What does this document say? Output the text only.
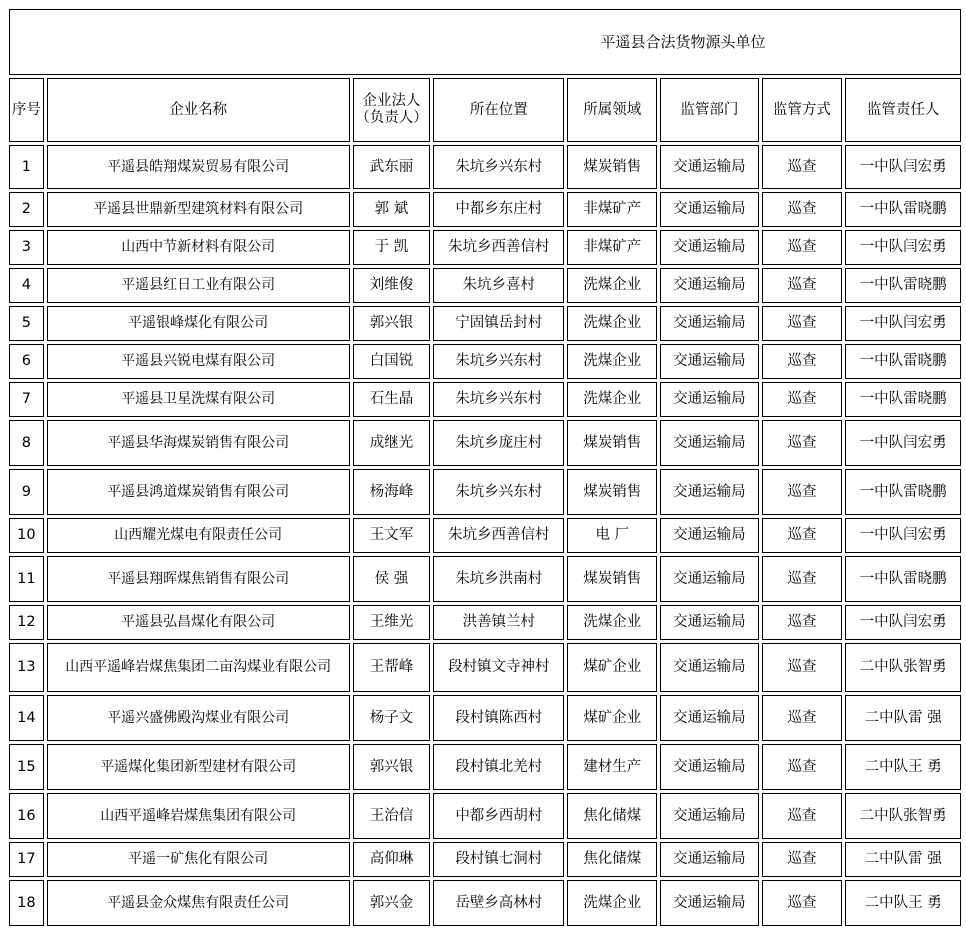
平遥县合法货物源头单位							
序号	企业名称	企业法人（负责人）	所在位置	所属领域	监管部门	监管方式	监管责任人
1	平遥县皓翔煤炭贸易有限公司	武东丽	朱坑乡兴东村	煤炭销售	交通运输局	巡查	一中队闫宏勇
2	平遥县世鼎新型建筑材料有限公司	郭 斌	中都乡东庄村	非煤矿产	交通运输局	巡查	一中队雷晓鹏
3	山西中节新材料有限公司	于 凯	朱坑乡西善信村	非煤矿产	交通运输局	巡查	一中队闫宏勇
4	平遥县红日工业有限公司	刘维俊	朱坑乡喜村	洗煤企业	交通运输局	巡查	一中队雷晓鹏
5	平遥银峰煤化有限公司	郭兴银	宁固镇岳封村	洗煤企业	交通运输局	巡查	一中队闫宏勇
6	平遥县兴锐电煤有限公司	白国锐	朱坑乡兴东村	洗煤企业	交通运输局	巡查	一中队雷晓鹏
7	平遥县卫星洗煤有限公司	石生晶	朱坑乡兴东村	洗煤企业	交通运输局	巡查	一中队雷晓鹏
8	平遥县华海煤炭销售有限公司	成继光	朱坑乡庞庄村	煤炭销售	交通运输局	巡查	一中队闫宏勇
9	平遥县鸿道煤炭销售有限公司	杨海峰	朱坑乡兴东村	煤炭销售	交通运输局	巡查	一中队雷晓鹏
10	山西耀光煤电有限责任公司	王文军	朱坑乡西善信村	电 厂	交通运输局	巡查	一中队闫宏勇
11	平遥县翔晖煤焦销售有限公司	侯 强	朱坑乡洪南村	煤炭销售	交通运输局	巡查	一中队雷晓鹏
12	平遥县弘昌煤化有限公司	王维光	洪善镇兰村	洗煤企业	交通运输局	巡查	一中队闫宏勇
13	山西平遥峰岩煤焦集团二亩沟煤业有限公司	王帮峰	段村镇文寺神村	煤矿企业	交通运输局	巡查	二中队张智勇
14	平遥兴盛佛殿沟煤业有限公司	杨子文	段村镇陈西村	煤矿企业	交通运输局	巡查	二中队雷 强
15	平遥煤化集团新型建材有限公司	郭兴银	段村镇北羌村	建材生产	交通运输局	巡查	二中队王 勇
16	山西平遥峰岩煤焦集团有限公司	王治信	中都乡西胡村	焦化储煤	交通运输局	巡查	二中队张智勇
17	平遥一矿焦化有限公司	高仰琳	段村镇七洞村	焦化储煤	交通运输局	巡查	二中队雷 强
18	平遥县金众煤焦有限责任公司	郭兴金	岳壁乡高林村	洗煤企业	交通运输局	巡查	二中队王 勇
